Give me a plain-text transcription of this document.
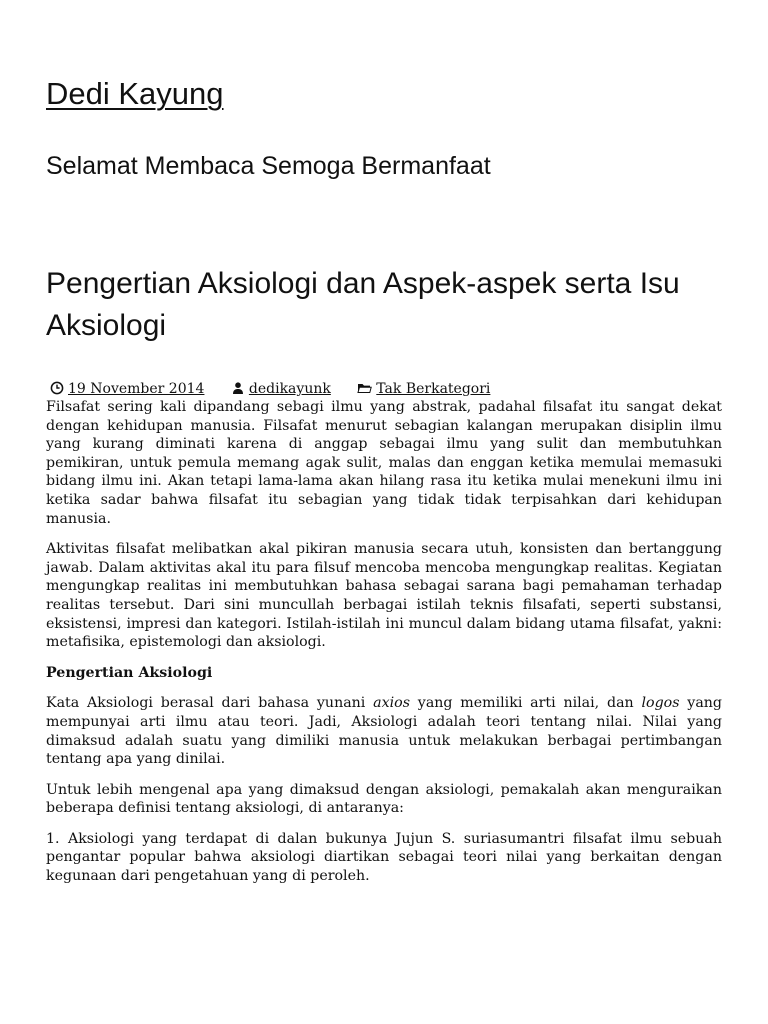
Dedi Kayung
Selamat Membaca Semoga Bermanfaat
Pengertian Aksiologi dan Aspek-aspek serta Isu Aksiologi
19 November 2014	dedikayunk	Tak Berkategori

Filsafat sering kali dipandang sebagi ilmu yang abstrak, padahal filsafat itu sangat dekat dengan kehidupan manusia. Filsafat menurut sebagian kalangan merupakan disiplin ilmu yang kurang diminati karena di anggap sebagai ilmu yang sulit dan membutuhkan pemikiran, untuk pemula memang agak sulit, malas dan enggan ketika memulai memasuki bidang ilmu ini. Akan tetapi lama-lama akan hilang rasa itu ketika mulai menekuni ilmu ini ketika sadar bahwa filsafat itu sebagian yang tidak tidak terpisahkan dari kehidupan manusia.

Aktivitas filsafat melibatkan akal pikiran manusia secara utuh, konsisten dan bertanggung jawab. Dalam aktivitas akal itu para filsuf mencoba mencoba mengungkap realitas. Kegiatan mengungkap realitas ini membutuhkan bahasa sebagai sarana bagi pemahaman terhadap realitas tersebut. Dari sini muncullah berbagai istilah teknis filsafati, seperti substansi, eksistensi, impresi dan kategori. Istilah-istilah ini muncul dalam bidang utama filsafat, yakni: metafisika, epistemologi dan aksiologi.

Pengertian Aksiologi

Kata Aksiologi berasal dari bahasa yunani axios yang memiliki arti nilai, dan logos yang mempunyai arti ilmu atau teori. Jadi, Aksiologi adalah teori tentang nilai. Nilai yang dimaksud adalah suatu yang dimiliki manusia untuk melakukan berbagai pertimbangan tentang apa yang dinilai.

Untuk lebih mengenal apa yang dimaksud dengan aksiologi, pemakalah akan menguraikan beberapa definisi tentang aksiologi, di antaranya:

1. Aksiologi yang terdapat di dalan bukunya Jujun S. suriasumantri filsafat ilmu sebuah pengantar popular bahwa aksiologi diartikan sebagai teori nilai yang berkaitan dengan kegunaan dari pengetahuan yang di peroleh.
